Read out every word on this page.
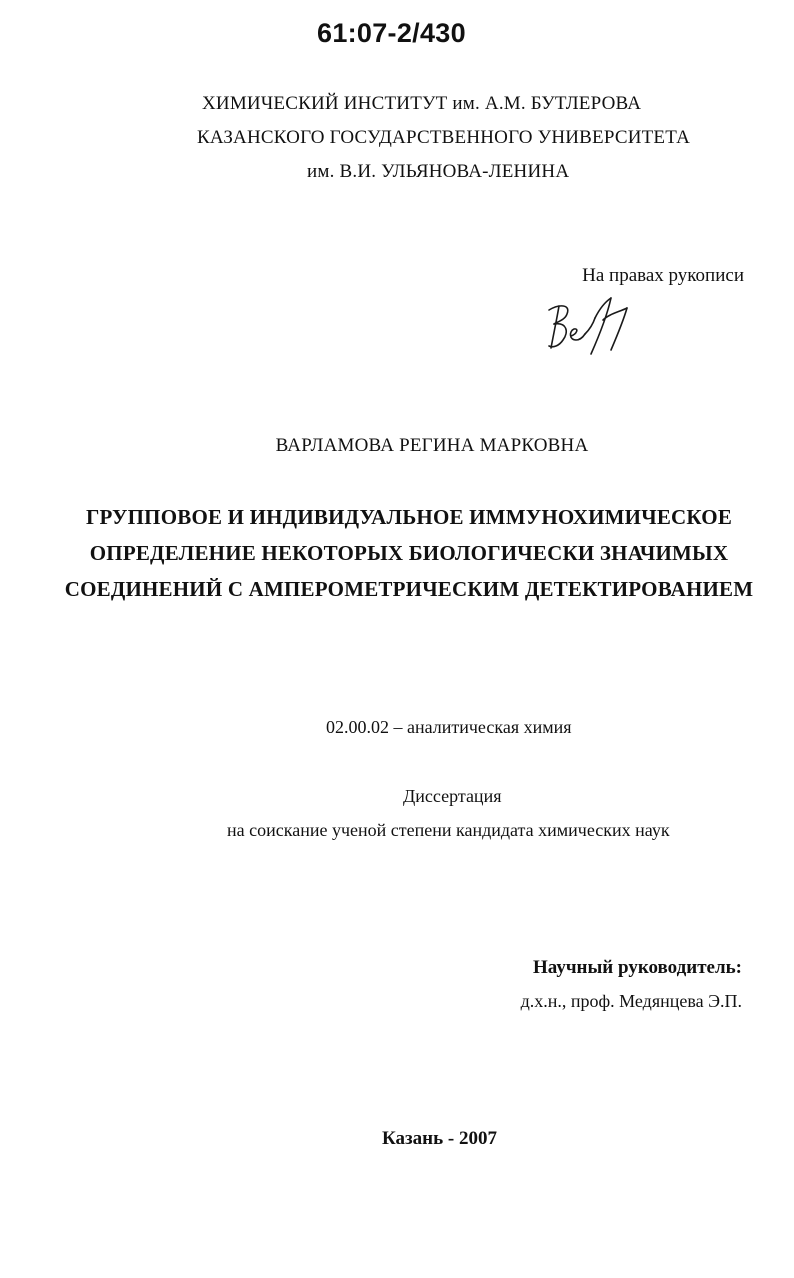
61:07-2/430

ХИМИЧЕСКИЙ ИНСТИТУТ им. А.М. БУТЛЕРОВА

КАЗАНСКОГО ГОСУДАРСТВЕННОГО УНИВЕРСИТЕТА

им. В.И. УЛЬЯНОВА-ЛЕНИНА

На правах рукописи

ВАРЛАМОВА РЕГИНА МАРКОВНА

ГРУППОВОЕ И ИНДИВИДУАЛЬНОЕ ИММУНОХИМИЧЕСКОЕ

ОПРЕДЕЛЕНИЕ НЕКОТОРЫХ БИОЛОГИЧЕСКИ ЗНАЧИМЫХ

СОЕДИНЕНИЙ С АМПЕРОМЕТРИЧЕСКИМ ДЕТЕКТИРОВАНИЕМ

02.00.02 – аналитическая химия

Диссертация

на соискание ученой степени кандидата химических наук

Научный руководитель:

д.х.н., проф. Медянцева Э.П.

Казань - 2007
